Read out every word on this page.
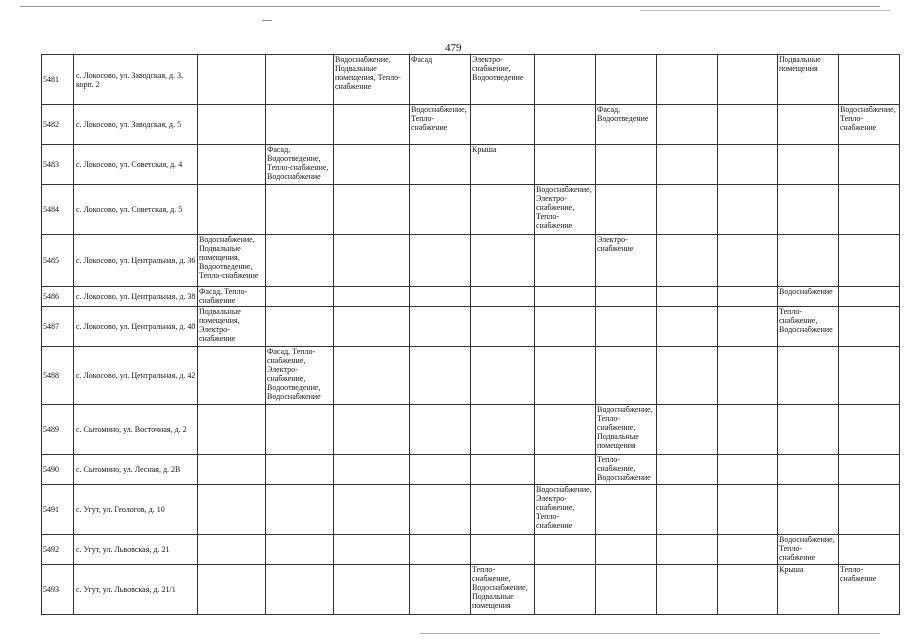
479
5481	с. Локосово, ул. Заводская, д. 3, корп. 2			Водоснабжение, Подвальные помещения, Тепло-снабжение	Фасад	Электро-снабжение, Водоотведение					Подвальные помещения	
5482	с. Локосово, ул. Заводская, д. 5				Водоснабжение, Тепло-снабжение			Фасад, Водоотведение				Водоснабжение, Тепло-снабжение
5483	с. Локосово, ул. Советская, д. 4		Фасад, Водоотведение, Тепло-снабжение, Водоснабжение			Крыша						
5484	с. Локосово, ул. Советская, д. 5						Водоснабжение, Электро-снабжение, Тепло-снабжение					
5485	с. Локосово, ул. Центральная, д. 36	Водоснабжение, Подвальные помещения, Водоотведение, Тепло-снабжение						Электро-снабжение				
5486	с. Локосово, ул. Центральная, д. 38	Фасад, Тепло-снабжение									Водоснабжение	
5487	с. Локосово, ул. Центральная, д. 40	Подвальные помещения, Электро-снабжение									Тепло-снабжение, Водоснабжение	
5488	с. Локосово, ул. Центральная, д. 42		Фасад, Тепло-снабжение, Электро-снабжение, Водоотведение, Водоснабжение									
5489	с. Сытомино, ул. Восточная, д. 2							Водоснабжение, Тепло-снабжение, Подвальные помещения				
5490	с. Сытомино, ул. Лесная, д. 2В							Тепло-снабжение, Водоснабжение				
5491	с. Угут, ул. Геологов, д. 10						Водоснабжение, Электро-снабжение, Тепло-снабжение					
5492	с. Угут, ул. Львовская, д. 21										Водоснабжение, Тепло-снабжение	
5493	с. Угут, ул. Львовская, д. 21/1					Тепло-снабжение, Водоснабжение, Подвальные помещения					Крыша	Тепло-снабжение
